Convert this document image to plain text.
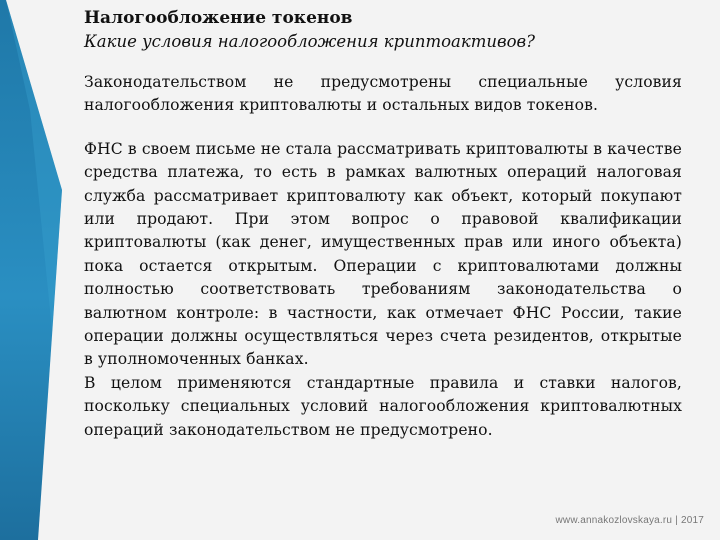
Налогообложение токенов
Какие условия налогообложения криптоактивов?
Законодательством не предусмотрены специальные условия налогообложения криптовалюты и остальных видов токенов.
ФНС в своем письме не стала рассматривать криптовалюты в качестве средства платежа, то есть в рамках валютных операций налоговая служба рассматривает криптовалюту как объект, который покупают или продают. При этом вопрос о правовой квалификации криптовалюты (как денег, имущественных прав или иного объекта) пока остается открытым. Операции с криптовалютами должны полностью соответствовать требованиям законодательства о валютном контроле: в частности, как отмечает ФНС России, такие операции должны осуществляться через счета резидентов, открытые в уполномоченных банках.
В целом применяются стандартные правила и ставки налогов, поскольку специальных условий налогообложения криптовалютных операций законодательством не предусмотрено.
www.annakozlovskaya.ru | 2017
